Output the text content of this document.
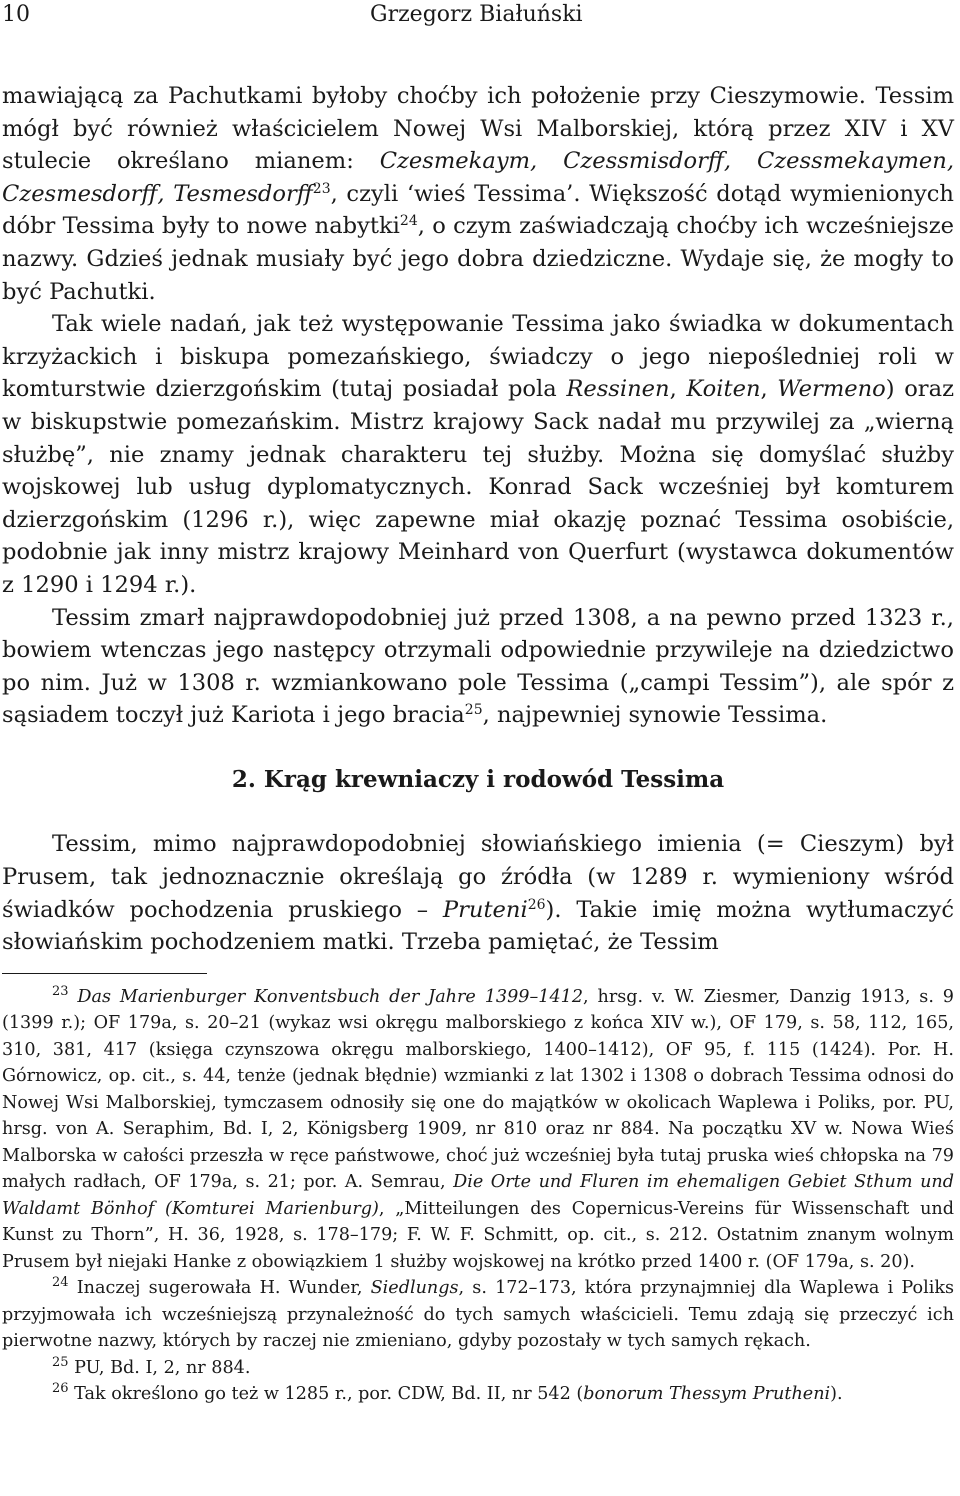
10	Grzegorz Białuński

mawiającą za Pachutkami byłoby choćby ich położenie przy Cieszymowie. Tessim mógł być również właścicielem Nowej Wsi Malborskiej, którą przez XIV i XV stulecie określano mianem: Czesmekaym, Czessmisdorff, Czessmekaymen, Czesmesdorff, Tesmesdorff$^{23}$, czyli ‘wieś Tessima’. Większość dotąd wymienionych dóbr Tessima były to nowe nabytki$^{24}$, o czym zaświadczają choćby ich wcześniejsze nazwy. Gdzieś jednak musiały być jego dobra dziedziczne. Wydaje się, że mogły to być Pachutki.

Tak wiele nadań, jak też występowanie Tessima jako świadka w dokumentach krzyżackich i biskupa pomezańskiego, świadczy o jego niepośledniej roli w komturstwie dzierzgońskim (tutaj posiadał pola Ressinen, Koiten, Wermeno) oraz w biskupstwie pomezańskim. Mistrz krajowy Sack nadał mu przywilej za „wierną służbę”, nie znamy jednak charakteru tej służby. Można się domyślać służby wojskowej lub usług dyplomatycznych. Konrad Sack wcześniej był komturem dzierzgońskim (1296 r.), więc zapewne miał okazję poznać Tessima osobiście, podobnie jak inny mistrz krajowy Meinhard von Querfurt (wystawca dokumentów z 1290 i 1294 r.).

Tessim zmarł najprawdopodobniej już przed 1308, a na pewno przed 1323 r., bowiem wtenczas jego następcy otrzymali odpowiednie przywileje na dziedzictwo po nim. Już w 1308 r. wzmiankowano pole Tessima („campi Tessim”), ale spór z sąsiadem toczył już Kariota i jego bracia$^{25}$, najpewniej synowie Tessima.

2. Krąg krewniaczy i rodowód Tessima

Tessim, mimo najprawdopodobniej słowiańskiego imienia (= Cieszym) był Prusem, tak jednoznacznie określają go źródła (w 1289 r. wymieniony wśród świadków pochodzenia pruskiego – Pruteni$^{26}$). Takie imię można wytłumaczyć słowiańskim pochodzeniem matki. Trzeba pamiętać, że Tessim

$^{23}$ Das Marienburger Konventsbuch der Jahre 1399–1412, hrsg. v. W. Ziesmer, Danzig 1913, s. 9 (1399 r.); OF 179a, s. 20–21 (wykaz wsi okręgu malborskiego z końca XIV w.), OF 179, s. 58, 112, 165, 310, 381, 417 (księga czynszowa okręgu malborskiego, 1400–1412), OF 95, f. 115 (1424). Por. H. Górnowicz, op. cit., s. 44, tenże (jednak błędnie) wzmianki z lat 1302 i 1308 o dobrach Tessima odnosi do Nowej Wsi Malborskiej, tymczasem odnosiły się one do majątków w okolicach Waplewa i Poliks, por. PU, hrsg. von A. Seraphim, Bd. I, 2, Königsberg 1909, nr 810 oraz nr 884. Na początku XV w. Nowa Wieś Malborska w całości przeszła w ręce państwowe, choć już wcześniej była tutaj pruska wieś chłopska na 79 małych radłach, OF 179a, s. 21; por. A. Semrau, Die Orte und Fluren im ehemaligen Gebiet Sthum und Waldamt Bönhof (Komturei Marienburg), „Mitteilungen des Copernicus-Vereins für Wissenschaft und Kunst zu Thorn”, H. 36, 1928, s. 178–179; F. W. F. Schmitt, op. cit., s. 212. Ostatnim znanym wolnym Prusem był niejaki Hanke z obowiązkiem 1 służby wojskowej na krótko przed 1400 r. (OF 179a, s. 20).

$^{24}$ Inaczej sugerowała H. Wunder, Siedlungs, s. 172–173, która przynajmniej dla Waplewa i Poliks przyjmowała ich wcześniejszą przynależność do tych samych właścicieli. Temu zdają się przeczyć ich pierwotne nazwy, których by raczej nie zmieniano, gdyby pozostały w tych samych rękach.

$^{25}$ PU, Bd. I, 2, nr 884.

$^{26}$ Tak określono go też w 1285 r., por. CDW, Bd. II, nr 542 (bonorum Thessym Prutheni).
